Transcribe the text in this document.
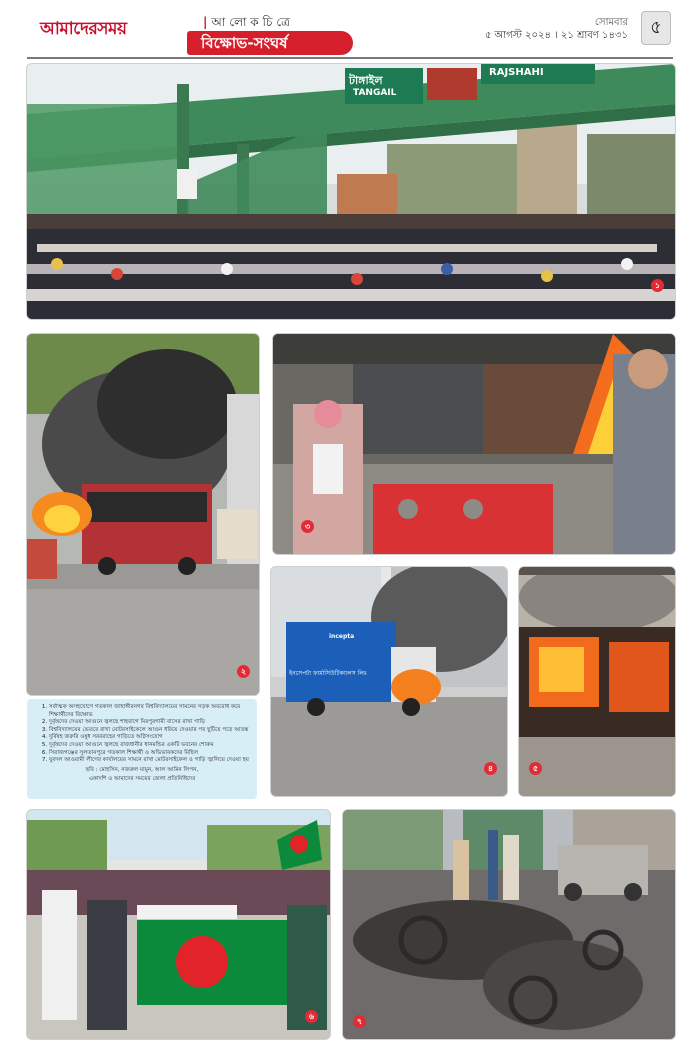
আমাদেরসময়	| আ লো ক চি ত্রে
বিক্ষোভ-সংঘর্ষ
সোমবার
৫ আগস্ট ২০২৪ । ২১ শ্রাবণ ১৪৩১	৫
টাঙ্গাইল
TANGAIL
RAJSHAHI
১
২
৩
incepta
ইনসেপটা ফার্মাসিউটিক্যালস লিঃ
৪	৫
1. সর্বাত্মক অসহযোগে গতকাল জাহাঙ্গীরনগর বিশ্ববিদ্যালয়ের সামনের সড়ক অবরোধ করে শিক্ষার্থীদের বিক্ষোভ
2. দুর্বৃত্তদের দেওয়া আগুনে জ্বলছে শাহবাগে মিরপুরগামী বাসের রাখা গাড়ি
3. বিশ্ববিদ্যালয়ের ভেতরে রাখা মোটরসাইকেলে আগুন ধরিয়ে দেওয়ার পর ছুটিয়ে পড়ে আতঙ্ক
4. দুর্বিষহ জরুরি ওষুধ সরবরাহের গাড়িতে অগ্নিসংযোগ
5. দুর্বৃত্তদের দেওয়া আগুনে জ্বলছে রাজধানীর ধানমন্ডির একটি ভবনের শোরুম
6. সিরাজগঞ্জের সুলতানপুরে গতকাল শিক্ষার্থী ও অভিভাবকদের মিছিল
7. যুবদল আওয়ামী লীগের কার্যালয়ের সামনে রাখা মোটরসাইকেল ও গাড়ি জ্বালিয়ে দেওয়া হয়
ছবি : মোহসিন, নজরুল মামুন, আল আমিন লিপন,
একাদশি ও আমাদের সময়ের জেলা প্রতিনিধিদের
৬
৭
